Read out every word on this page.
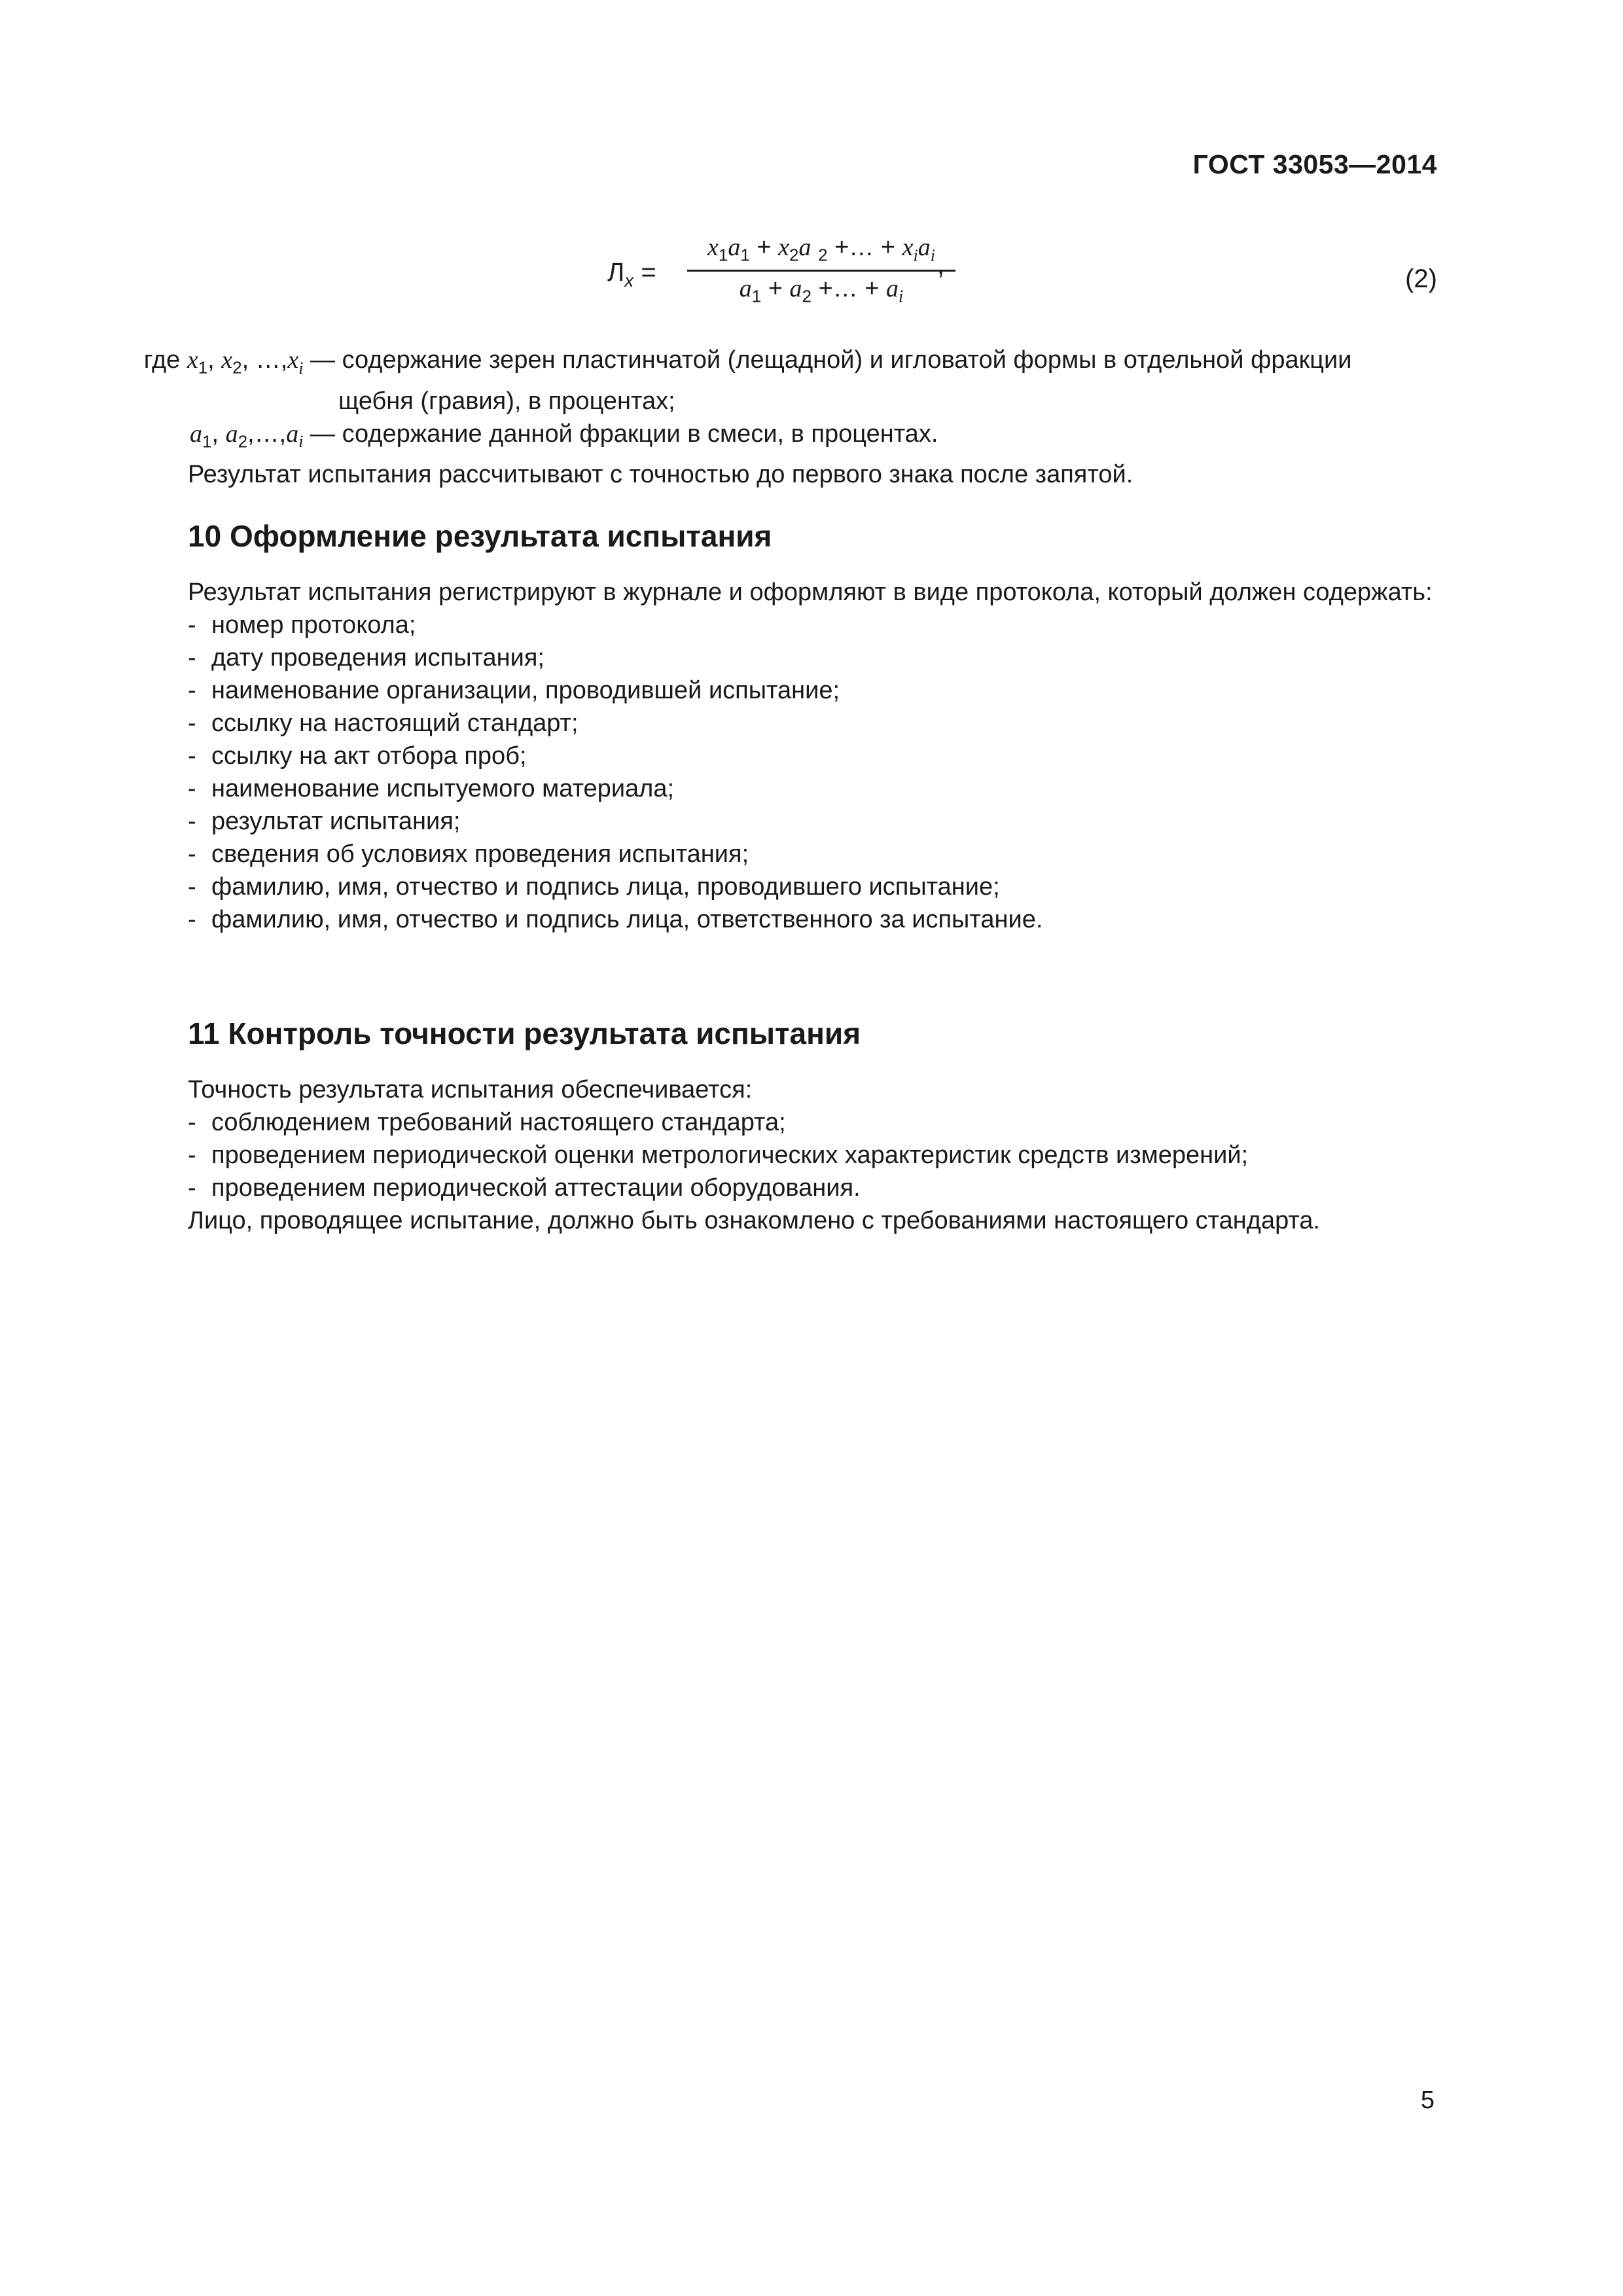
ГОСТ 33053—2014
$Л_x$ =
$x_1a_1 + x_2a$ $_2$ +… + $x_ia_i$
$a_1 + a_2$ +… + $a_i$
,	(2)
где $x_1$, $x_2$, $\dots,x_i$ — содержание зерен пластинчатой (лещадной) и игловатой формы в отдельной фракции
щебня (гравия), в процентах;
$a_1$, $a_2,\dots,a_i$ — содержание данной фракции в смеси, в процентах.
Результат испытания рассчитывают с точностью до первого знака после запятой.
10 Оформление результата испытания
Результат испытания регистрируют в журнале и оформляют в виде протокола, который должен содержать:
- номер протокола;
- дату проведения испытания;
- наименование организации, проводившей испытание;
- ссылку на настоящий стандарт;
- ссылку на акт отбора проб;
- наименование испытуемого материала;
- результат испытания;
- сведения об условиях проведения испытания;
- фамилию, имя, отчество и подпись лица, проводившего испытание;
- фамилию, имя, отчество и подпись лица, ответственного за испытание.
11 Контроль точности результата испытания
Точность результата испытания обеспечивается:
- соблюдением требований настоящего стандарта;
- проведением периодической оценки метрологических характеристик средств измерений;
- проведением периодической аттестации оборудования.
Лицо, проводящее испытание, должно быть ознакомлено с требованиями настоящего стандарта.
5
